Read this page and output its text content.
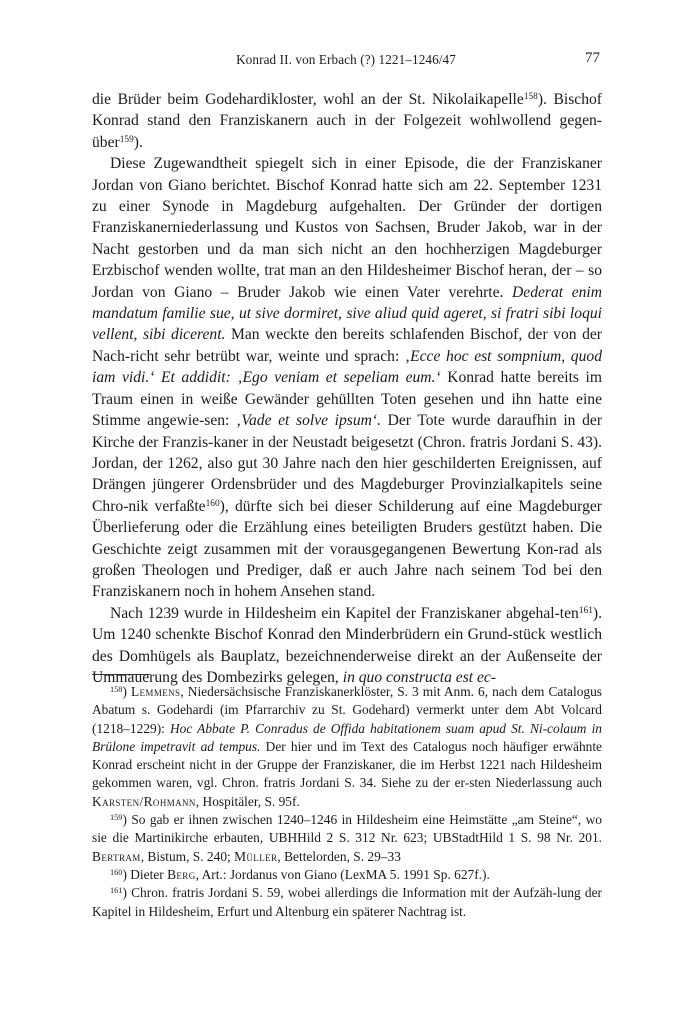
Konrad II. von Erbach (?) 1221–1246/47	77

die Brüder beim Godehardikloster, wohl an der St. Nikolaikapelle$^{158}$). Bischof Konrad stand den Franziskanern auch in der Folgezeit wohlwollend gegen-über$^{159}$).

Diese Zugewandtheit spiegelt sich in einer Episode, die der Franziskaner Jordan von Giano berichtet. Bischof Konrad hatte sich am 22. September 1231 zu einer Synode in Magdeburg aufgehalten. Der Gründer der dortigen Franziskanerniederlassung und Kustos von Sachsen, Bruder Jakob, war in der Nacht gestorben und da man sich nicht an den hochherzigen Magdeburger Erzbischof wenden wollte, trat man an den Hildesheimer Bischof heran, der – so Jordan von Giano – Bruder Jakob wie einen Vater verehrte. Dederat enim mandatum familie sue, ut sive dormiret, sive aliud quid ageret, si fratri sibi loqui vellent, sibi dicerent. Man weckte den bereits schlafenden Bischof, der von der Nach-richt sehr betrübt war, weinte und sprach: ‚Ecce hoc est sompnium, quod iam vidi.‘ Et addidit: ‚Ego veniam et sepeliam eum.‘ Konrad hatte bereits im Traum einen in weiße Gewänder gehüllten Toten gesehen und ihn hatte eine Stimme angewie-sen: ‚Vade et solve ipsum‘. Der Tote wurde daraufhin in der Kirche der Franzis-kaner in der Neustadt beigesetzt (Chron. fratris Jordani S. 43). Jordan, der 1262, also gut 30 Jahre nach den hier geschilderten Ereignissen, auf Drängen jüngerer Ordensbrüder und des Magdeburger Provinzialkapitels seine Chro-nik verfaßte$^{160}$), dürfte sich bei dieser Schilderung auf eine Magdeburger Überlieferung oder die Erzählung eines beteiligten Bruders gestützt haben. Die Geschichte zeigt zusammen mit der vorausgegangenen Bewertung Kon-rad als großen Theologen und Prediger, daß er auch Jahre nach seinem Tod bei den Franziskanern noch in hohem Ansehen stand.

Nach 1239 wurde in Hildesheim ein Kapitel der Franziskaner abgehal-ten$^{161}$). Um 1240 schenkte Bischof Konrad den Minderbrüdern ein Grund-stück westlich des Domhügels als Bauplatz, bezeichnenderweise direkt an der Außenseite der Ummauerung des Dombezirks gelegen, in quo constructa est ec-

$^{158}$) Lemmens, Niedersächsische Franziskanerklöster, S. 3 mit Anm. 6, nach dem Catalogus Abatum s. Godehardi (im Pfarrarchiv zu St. Godehard) vermerkt unter dem Abt Volcard (1218–1229): Hoc Abbate P. Conradus de Offida habitationem suam apud St. Ni-colaum in Brülone impetravit ad tempus. Der hier und im Text des Catalogus noch häufiger erwähnte Konrad erscheint nicht in der Gruppe der Franziskaner, die im Herbst 1221 nach Hildesheim gekommen waren, vgl. Chron. fratris Jordani S. 34. Siehe zu der er-sten Niederlassung auch Karsten/Rohmann, Hospitäler, S. 95f.

$^{159}$) So gab er ihnen zwischen 1240–1246 in Hildesheim eine Heimstätte „am Steine“, wo sie die Martinikirche erbauten, UBHHild 2 S. 312 Nr. 623; UBStadtHild 1 S. 98 Nr. 201. Bertram, Bistum, S. 240; Müller, Bettelorden, S. 29–33

$^{160}$) Dieter Berg, Art.: Jordanus von Giano (LexMA 5. 1991 Sp. 627f.).

$^{161}$) Chron. fratris Jordani S. 59, wobei allerdings die Information mit der Aufzäh-lung der Kapitel in Hildesheim, Erfurt und Altenburg ein späterer Nachtrag ist.
